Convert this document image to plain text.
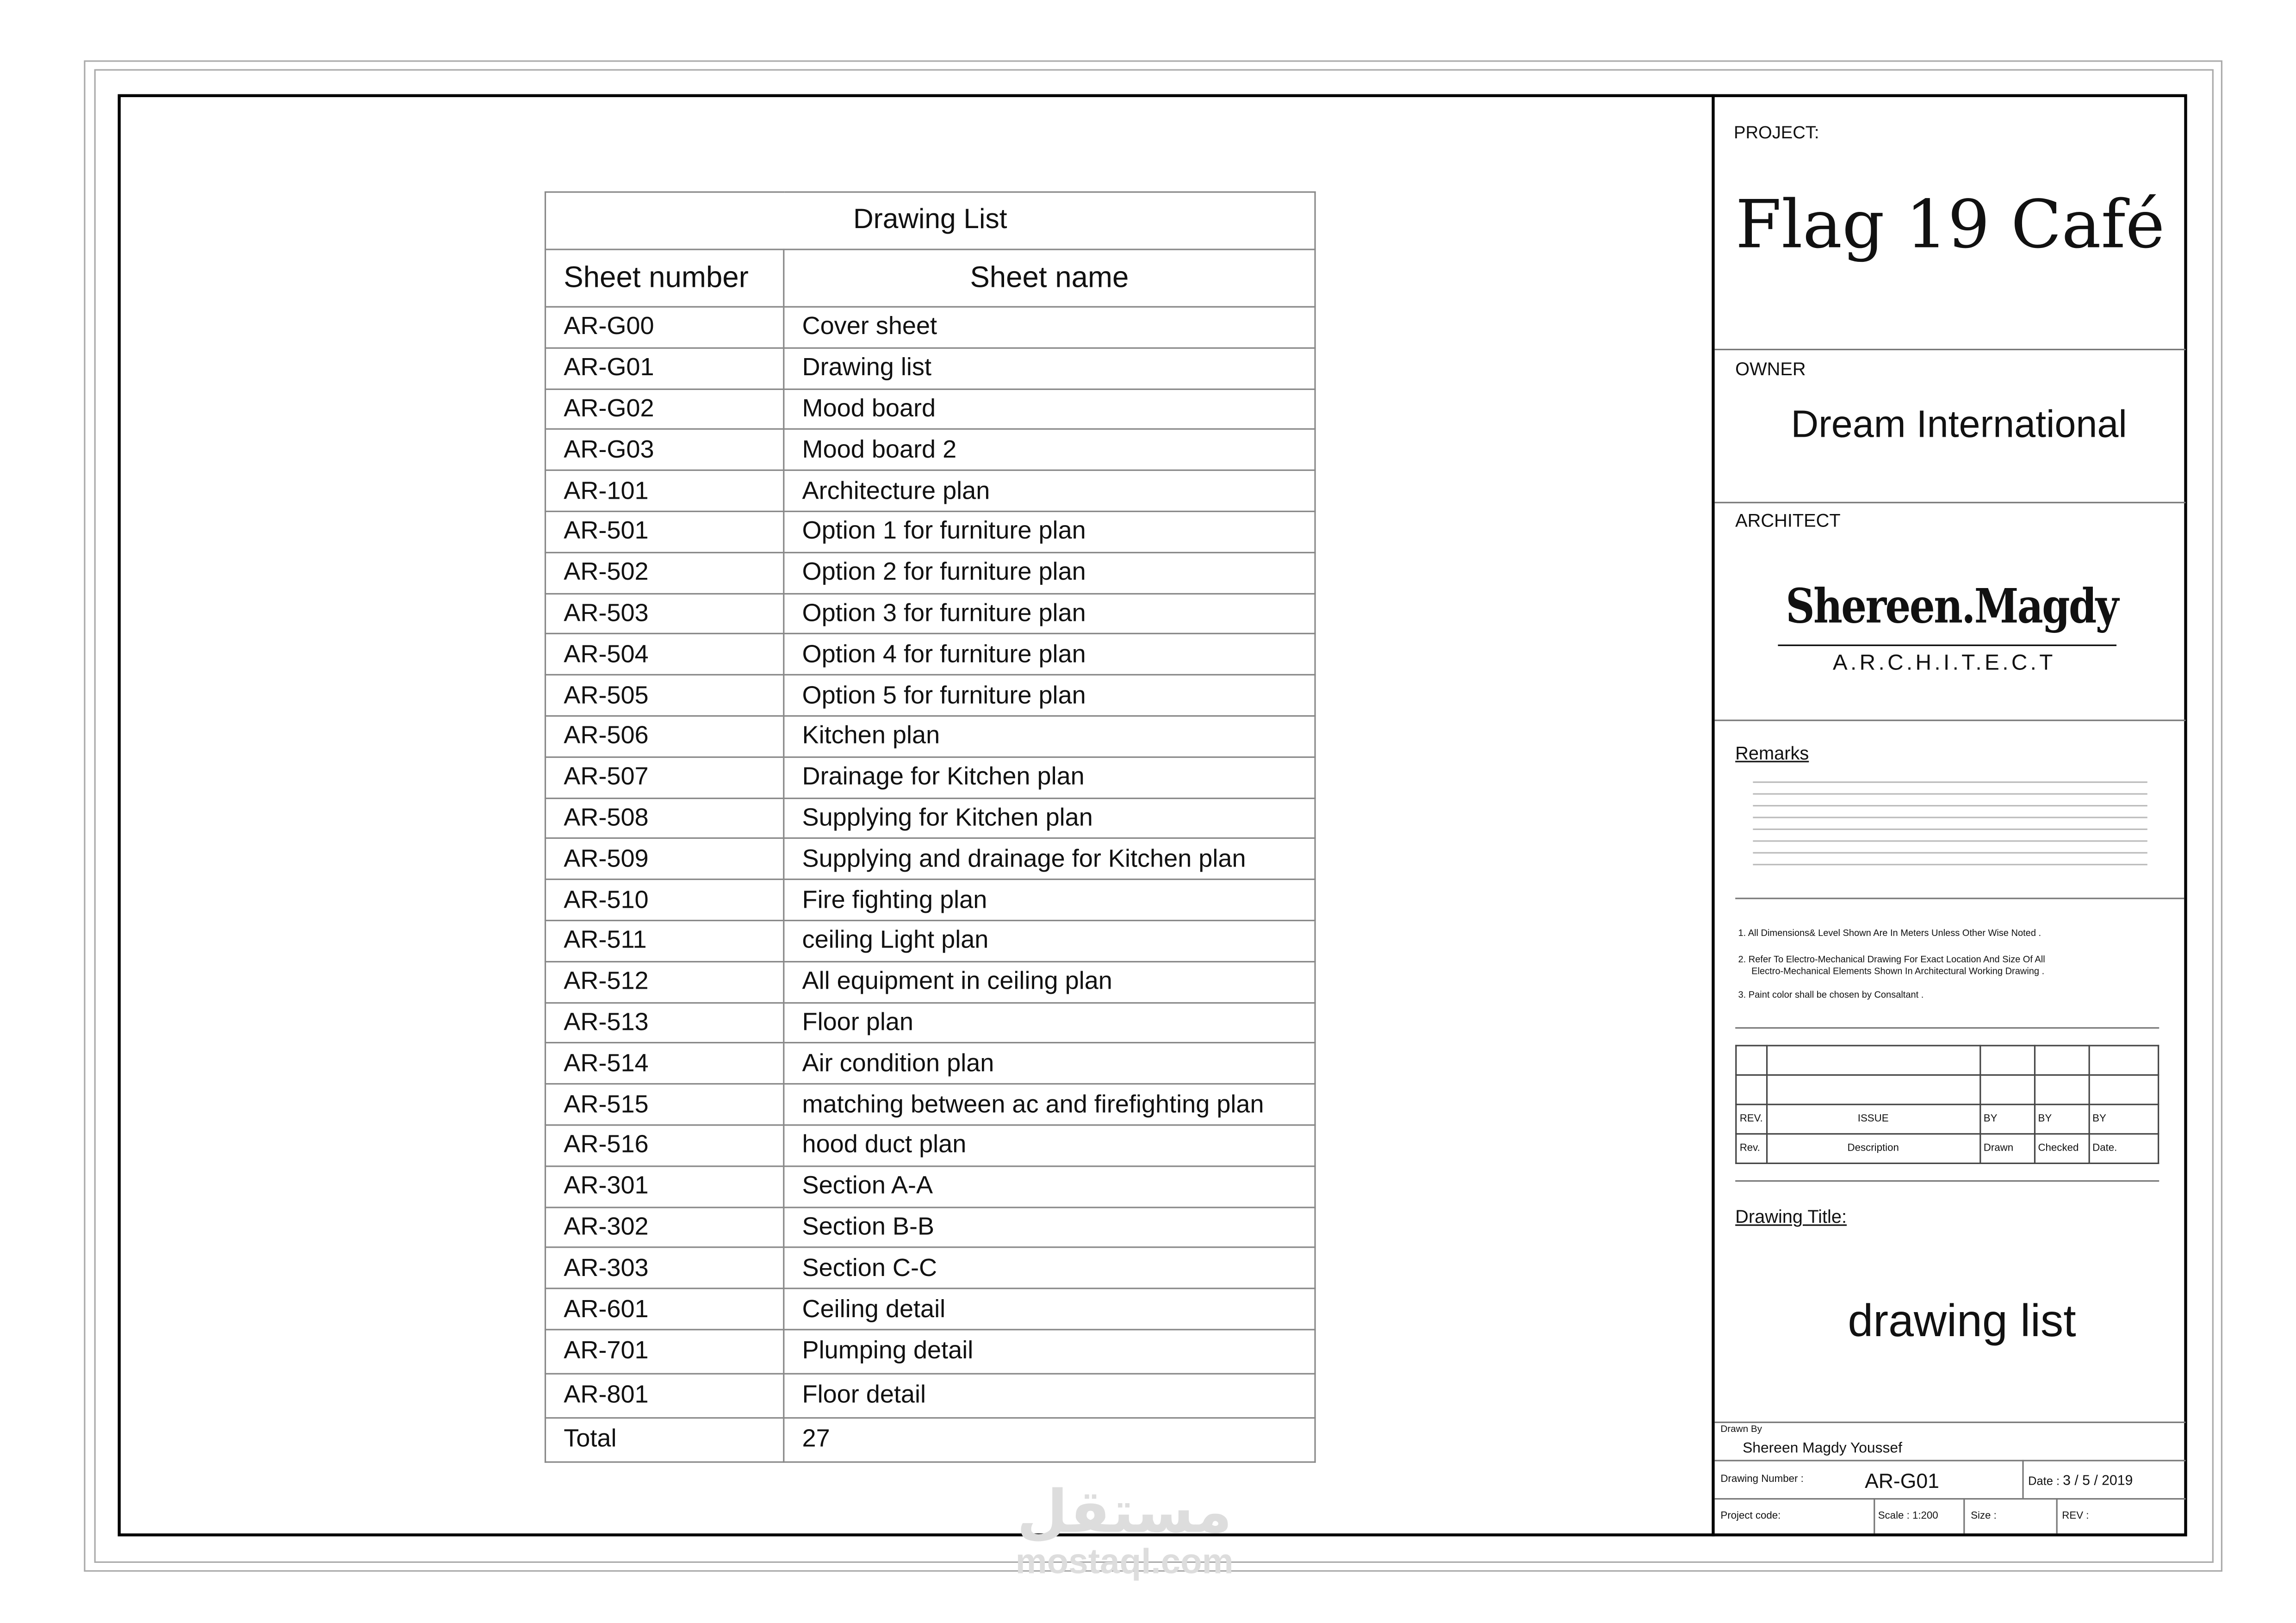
Drawing List	
Sheet number	Sheet name
AR-G00	Cover sheet
AR-G01	Drawing list
AR-G02	Mood board
AR-G03	Mood board 2
AR-101	Architecture plan
AR-501	Option 1 for furniture plan
AR-502	Option 2 for furniture plan
AR-503	Option 3 for furniture plan
AR-504	Option 4 for furniture plan
AR-505	Option 5 for furniture plan
AR-506	Kitchen plan
AR-507	Drainage for Kitchen plan
AR-508	Supplying for Kitchen plan
AR-509	Supplying and drainage for Kitchen plan
AR-510	Fire fighting plan
AR-511	ceiling Light plan
AR-512	All equipment in ceiling plan
AR-513	Floor plan
AR-514	Air condition plan
AR-515	matching between ac and firefighting plan
AR-516	hood duct plan
AR-301	Section A-A
AR-302	Section B-B
AR-303	Section C-C
AR-601	Ceiling detail
AR-701	Plumping detail
AR-801	Floor detail
Total	27
PROJECT:
Flag 19 Café
OWNER
Dream International
ARCHITECT
Shereen.Magdy
A.R.C.H.I.T.E.C.T
Remarks
1. All Dimensions& Level Shown Are In Meters Unless Other Wise Noted .
2. Refer To Electro-Mechanical Drawing For Exact Location And Size Of All
Electro-Mechanical Elements Shown In Architectural Working Drawing .
3. Paint color shall be chosen by Consaltant .

REV.	ISSUE	BY	BY	BY
Rev.	Description	Drawn	Checked	Date.
Drawing Title:
drawing list
Drawn By
Shereen Magdy Youssef
Drawing Number :	AR-G01	Date : 3 / 5 / 2019
Project code:	Scale : 1:200	Size :	REV :
مستقل
mostaql.com
